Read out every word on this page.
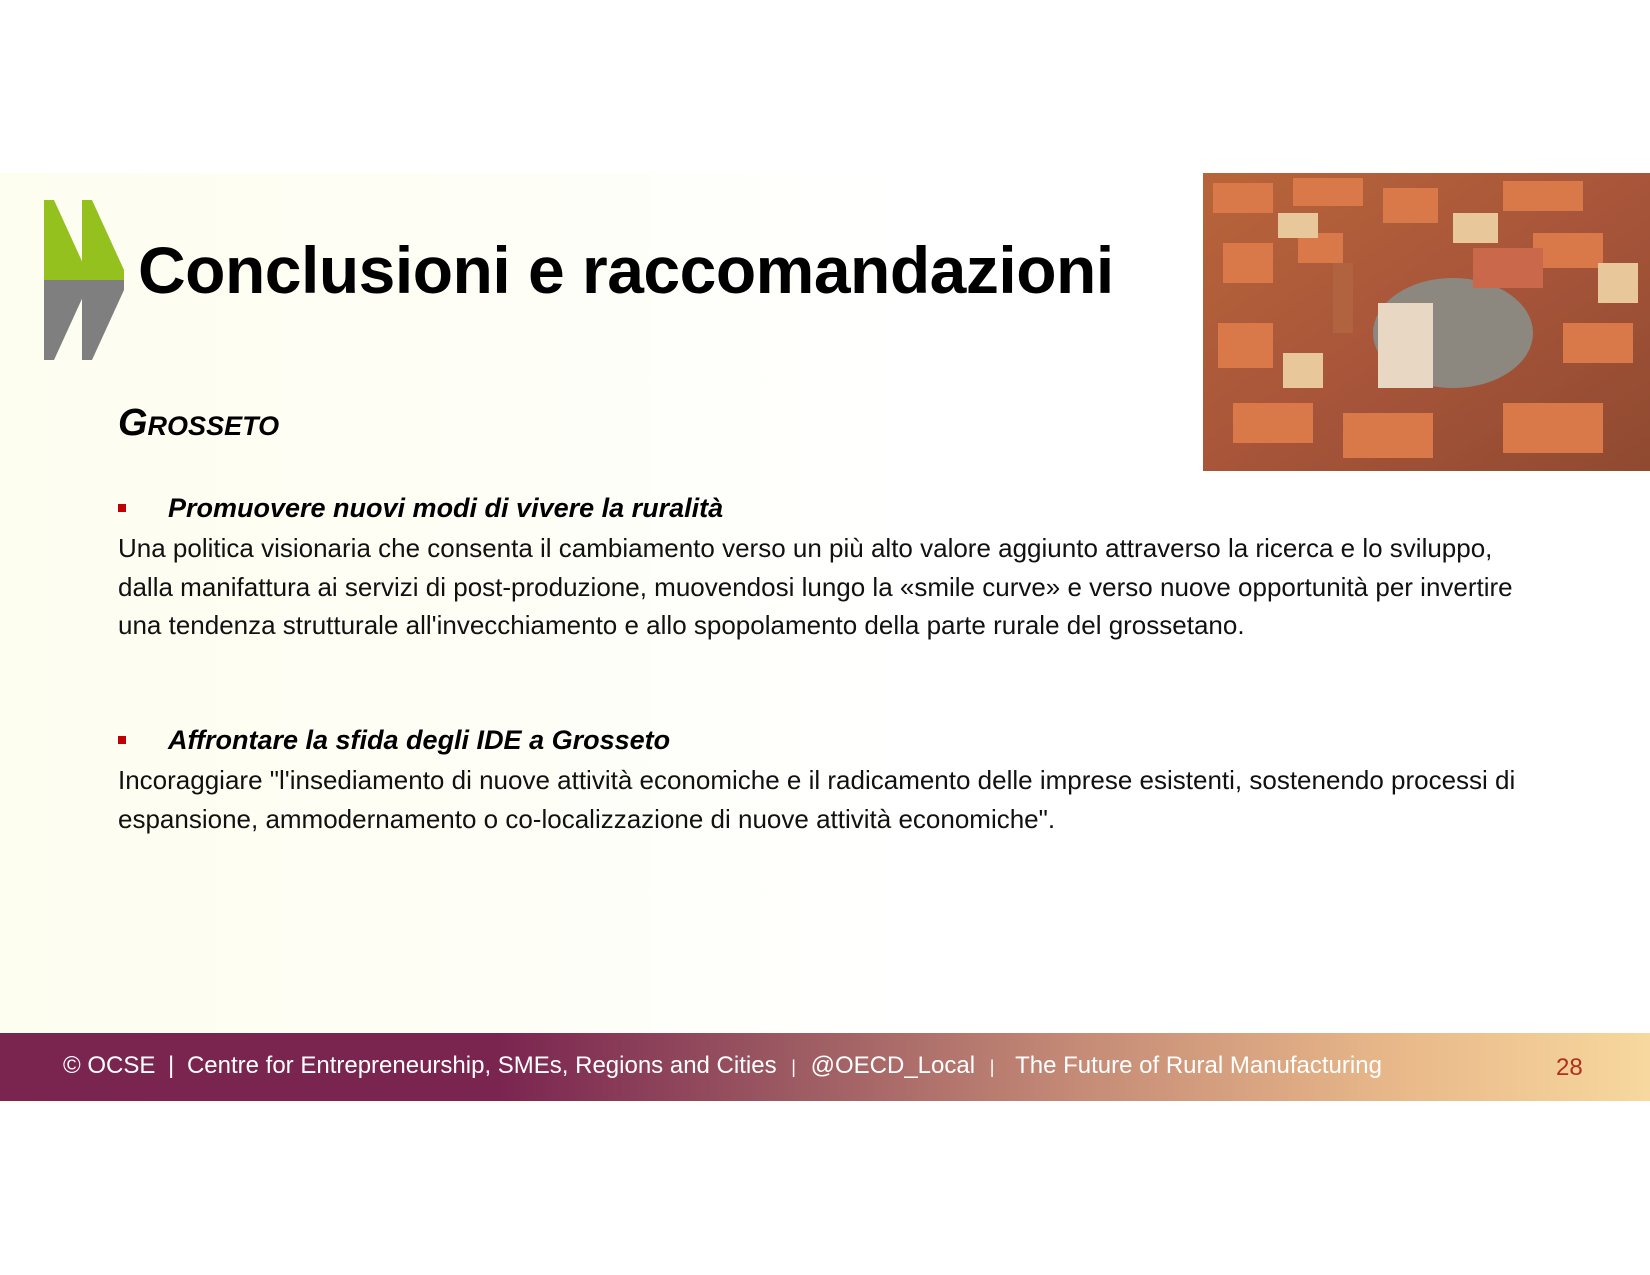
Conclusioni e raccomandazioni
Grosseto
Promuovere nuovi modi di vivere la ruralità

Una politica visionaria che consenta il cambiamento verso un più alto valore aggiunto attraverso la ricerca e lo sviluppo, dalla manifattura ai servizi di post-produzione, muovendosi lungo la «smile curve» e verso nuove opportunità per invertire una tendenza strutturale all'invecchiamento e allo spopolamento della parte rurale del grossetano.

Affrontare la sfida degli IDE a Grosseto

Incoraggiare "l'insediamento di nuove attività economiche e il radicamento delle imprese esistenti, sostenendo processi di espansione, ammodernamento o co-localizzazione di nuove attività economiche".

© OCSE | Centre for Entrepreneurship, SMEs, Regions and Cities | @OECD_Local | The Future of Rural Manufacturing	28
